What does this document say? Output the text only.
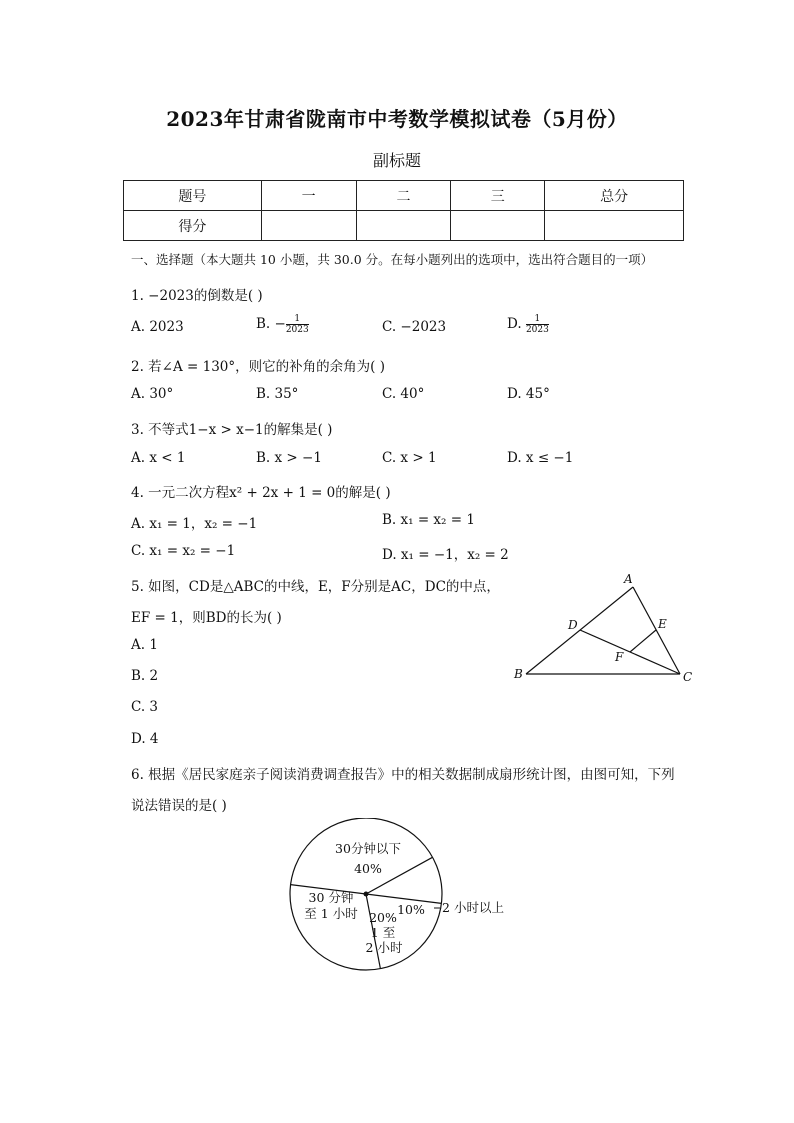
2023年甘肃省陇南市中考数学模拟试卷（5月份）
副标题
题号	一	二	三	总分
得分				
一、选择题（本大题共 10 小题，共 30.0 分。在每小题列出的选项中，选出符合题目的一项）
1. −2023的倒数是( )
A. 2023	B. − $\frac{1}{2023}$	C. −2023	D. $\frac{1}{2023}$
2. 若∠A = 130°，则它的补角的余角为( )
A. 30°	B. 35°	C. 40°	D. 45°
3. 不等式1−x > x−1的解集是( )
A. x < 1	B. x > −1	C. x > 1	D. x ≤ −1
4. 一元二次方程x² + 2x + 1 = 0的解是( )
A. x₁ = 1，x₂ = −1	B. x₁ = x₂ = 1
C. x₁ = x₂ = −1	D. x₁ = −1，x₂ = 2
5. 如图，CD是△ABC的中线，E，F分别是AC，DC的中点，
EF = 1，则BD的长为( )
A. 1
B. 2
C. 3
D. 4
A
B	C
D	E
F
6. 根据《居民家庭亲子阅读消费调查报告》中的相关数据制成扇形统计图，由图可知，下列
说法错误的是( )
30分钟以下
40%
10%
20%
1 至
2 小时
30 分钟
至 1 小时	2 小时以上
